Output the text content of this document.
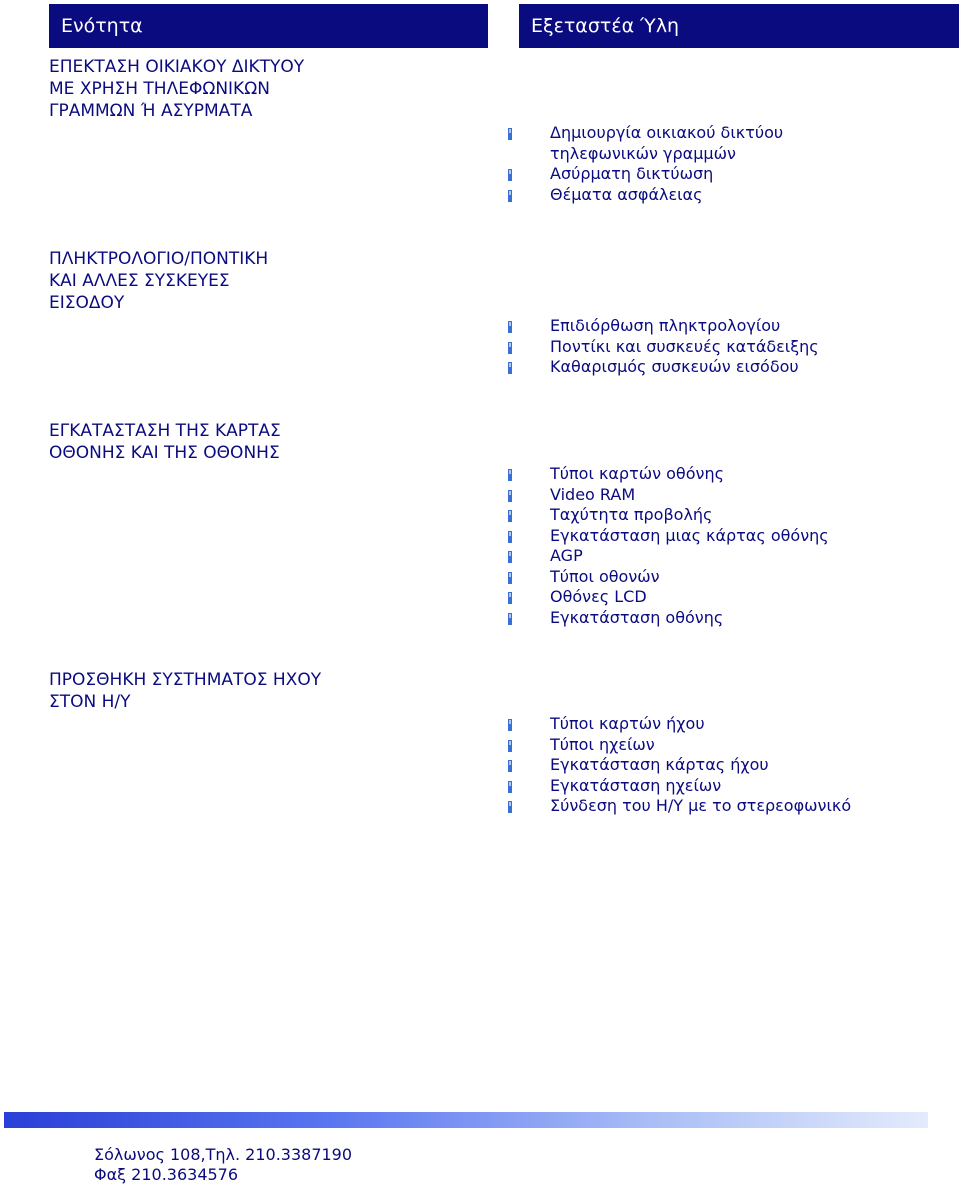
Ενότητα	Εξεταστέα Ύλη
ΕΠΕΚΤΑΣΗ ΟΙΚΙΑΚΟΥ ΔΙΚΤΥΟΥ
ΜΕ ΧΡΗΣΗ ΤΗΛΕΦΩΝΙΚΩΝ
ΓΡΑΜΜΩΝ Ή ΑΣΥΡΜΑΤΑ
Δημιουργία οικιακού δικτύου
τηλεφωνικών γραμμών
Ασύρματη δικτύωση
Θέματα ασφάλειας
ΠΛΗΚΤΡΟΛΟΓΙΟ/ΠΟΝΤΙΚΗ
ΚΑΙ ΑΛΛΕΣ ΣΥΣΚΕΥΕΣ
ΕΙΣΟΔΟΥ
Επιδιόρθωση πληκτρολογίου
Ποντίκι και συσκευές κατάδειξης
Καθαρισμός συσκευών εισόδου
ΕΓΚΑΤΑΣΤΑΣΗ ΤΗΣ ΚΑΡΤΑΣ
ΟΘΟΝΗΣ ΚΑΙ ΤΗΣ ΟΘΟΝΗΣ
Τύποι καρτών οθόνης
Video RAM
Ταχύτητα προβολής
Εγκατάσταση μιας κάρτας οθόνης
AGP
Τύποι οθονών
Οθόνες LCD
Εγκατάσταση οθόνης
ΠΡΟΣΘΗΚΗ ΣΥΣΤΗΜΑΤΟΣ ΗΧΟΥ
ΣΤΟΝ Η/Υ
Τύποι καρτών ήχου
Τύποι ηχείων
Εγκατάσταση κάρτας ήχου
Εγκατάσταση ηχείων
Σύνδεση του Η/Υ με το στερεοφωνικό
Σόλωνος 108,Τηλ. 210.3387190
Φαξ 210.3634576
